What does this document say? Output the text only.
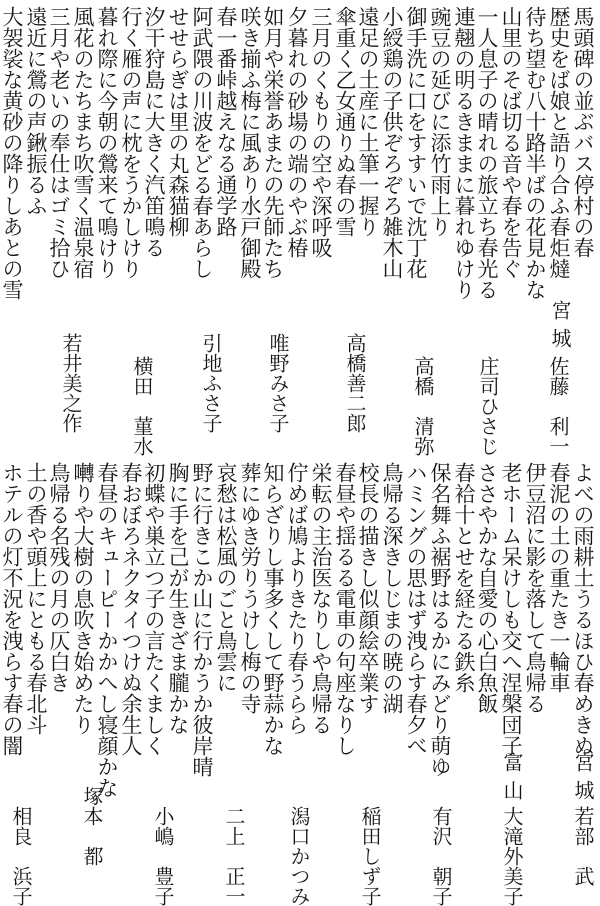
馬頭碑の並ぶバス停村の春
歴史をば娘と語り合ふ春炬燵
待ち望む八十路半ばの花見かな
山里のそば切る音や春を告ぐ
一人息子の晴れの旅立ち春光る
連翹の明るきままに暮れゆけり
豌豆の延びに添竹雨上り
御手洗に口をすすいで沈丁花
小綬鶏の子供ぞろぞろ雑木山
遠足の土産に土筆一握り
傘重く乙女通りぬ春の雪
三月のくもりの空や深呼吸
夕暮れの砂場の端のやぶ椿
如月や栄誉あまたの先師たち
咲き揃ふ梅に風あり水戸御殿
春一番峠越えなる通学路
阿武隈の川波をどる春あらし
せせらぎは里の丸森猫柳
汐干狩島に大きく汽笛鳴る
行く雁の声に枕をうかしけり
暮れ際に今朝の鶯来て鳴けり
風花のたちまち吹雪く温泉宿
三月や老いの奉仕はゴミ拾ひ
遠近に鶯の声鍬振るふ
大袈裟な黄砂の降りしあとの雪
宮城
佐藤　利一
庄司ひさじ
高橋　清弥
高橋善二郎
唯野みさ子
引地ふさ子
横田　菫水
若井美之作
よべの雨耕土うるほひ春めきぬ
春泥の土の重たき一輪車
伊豆沼に影を落して鳥帰る
老ホーム呆けしも交へ涅槃団子
ささやかな自愛の心白魚飯
春袷十とせを経たる鉄糸
保名舞ふ裾野はるかにみどり萌ゆ
ハミングの思はず洩らす春夕べ
鳥帰る深きしじまの暁の湖
校長の描きし似顔絵卒業す
春昼や揺るる電車の句座なりし
栄転の主治医なりしや鳥帰る
佇めば鳩よりきたり春うらら
知らざりし事多くして野蒜かな
葬にゆき労りうけし梅の寺
哀愁は松風のごと鳥雲に
野に行きこか山に行かうか彼岸晴
胸に手を己が生きざま朧かな
初蝶や巣立つ子の言たくましく
春おぼろネクタイつけぬ余生人
春昼のキューピーかかへし寝顔かな
囀りや大樹の息吹き始めたり
鳥帰る名残の月の仄白き
土の香や頭上にともる春北斗
ホテルの灯不況を洩らす春の闇
宮城
若部　武
富山
大滝外美子
有沢　朝子
稲田しず子
潟口かつみ
二上　正一
小嶋　豊子
塚本　都
相良　浜子
